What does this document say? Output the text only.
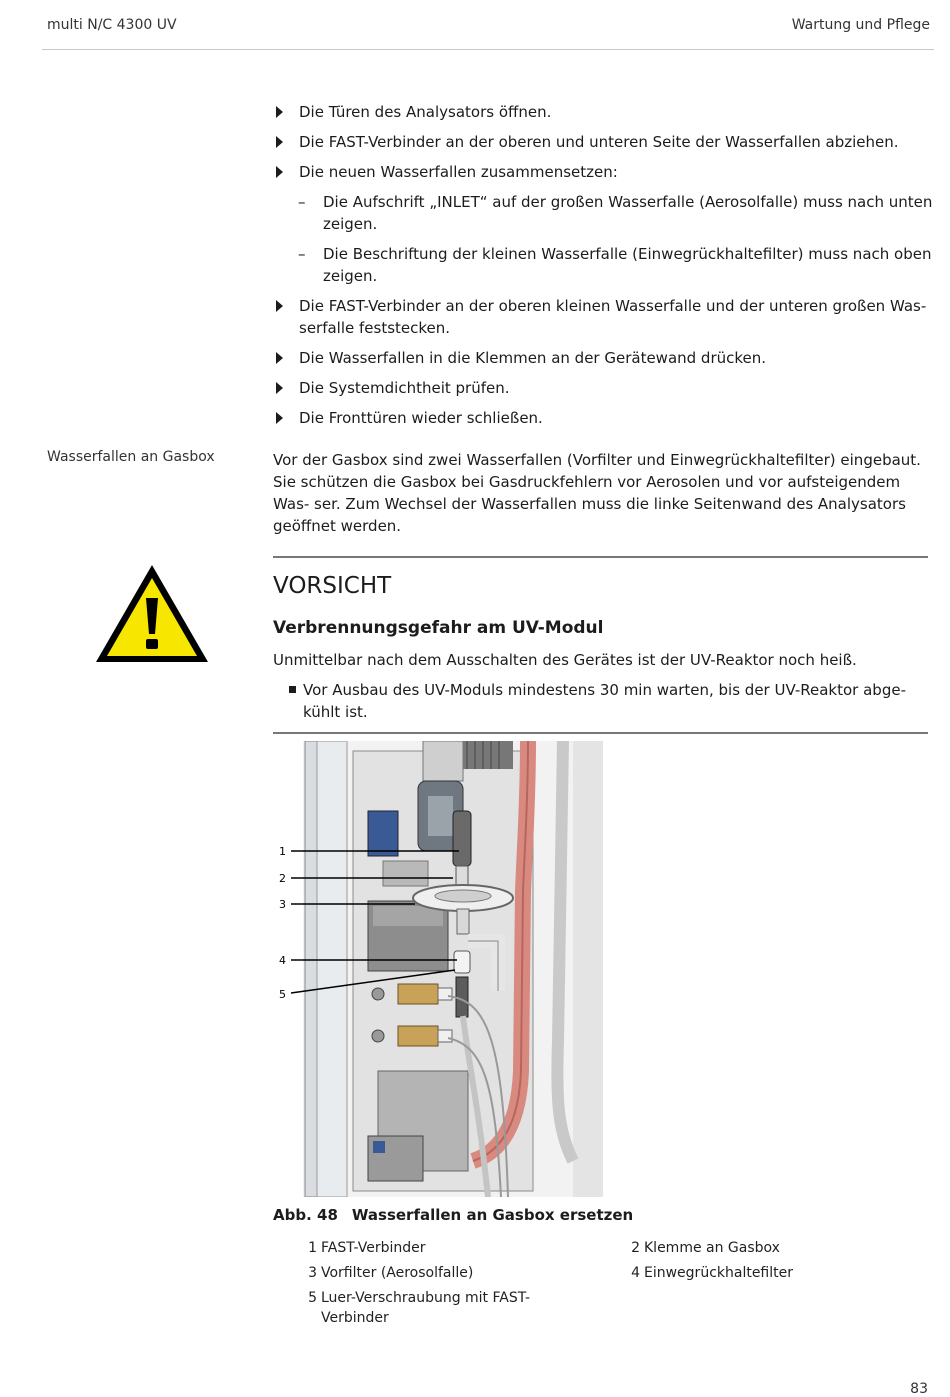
multi N/C 4300 UV	Wartung und Pflege
Die Türen des Analysators öffnen.
Die FAST-Verbinder an der oberen und unteren Seite der Wasserfallen abziehen.
Die neuen Wasserfallen zusammensetzen:
– Die Aufschrift „INLET“ auf der großen Wasserfalle (Aerosolfalle) muss nach unten zeigen.
– Die Beschriftung der kleinen Wasserfalle (Einwegrückhaltefilter) muss nach oben zeigen.
Die FAST-Verbinder an der oberen kleinen Wasserfalle und der unteren großen Was- serfalle feststecken.
Die Wasserfallen in die Klemmen an der Gerätewand drücken.
Die Systemdichtheit prüfen.
Die Fronttüren wieder schließen.
Wasserfallen an Gasbox	Vor der Gasbox sind zwei Wasserfallen (Vorfilter und Einwegrückhaltefilter) eingebaut. Sie schützen die Gasbox bei Gasdruckfehlern vor Aerosolen und vor aufsteigendem Was- ser. Zum Wechsel der Wasserfallen muss die linke Seitenwand des Analysators geöffnet werden.
VORSICHT
Verbrennungsgefahr am UV-Modul
Unmittelbar nach dem Ausschalten des Gerätes ist der UV-Reaktor noch heiß.
Vor Ausbau des UV-Moduls mindestens 30 min warten, bis der UV-Reaktor abge- kühlt ist.
1
2
3
4
5
Abb. 48 Wasserfallen an Gasbox ersetzen
1 FAST-Verbinder	2 Klemme an Gasbox
3 Vorfilter (Aerosolfalle)	4 Einwegrückhaltefilter
5 Luer-Verschraubung mit FAST-Verbinder
83
